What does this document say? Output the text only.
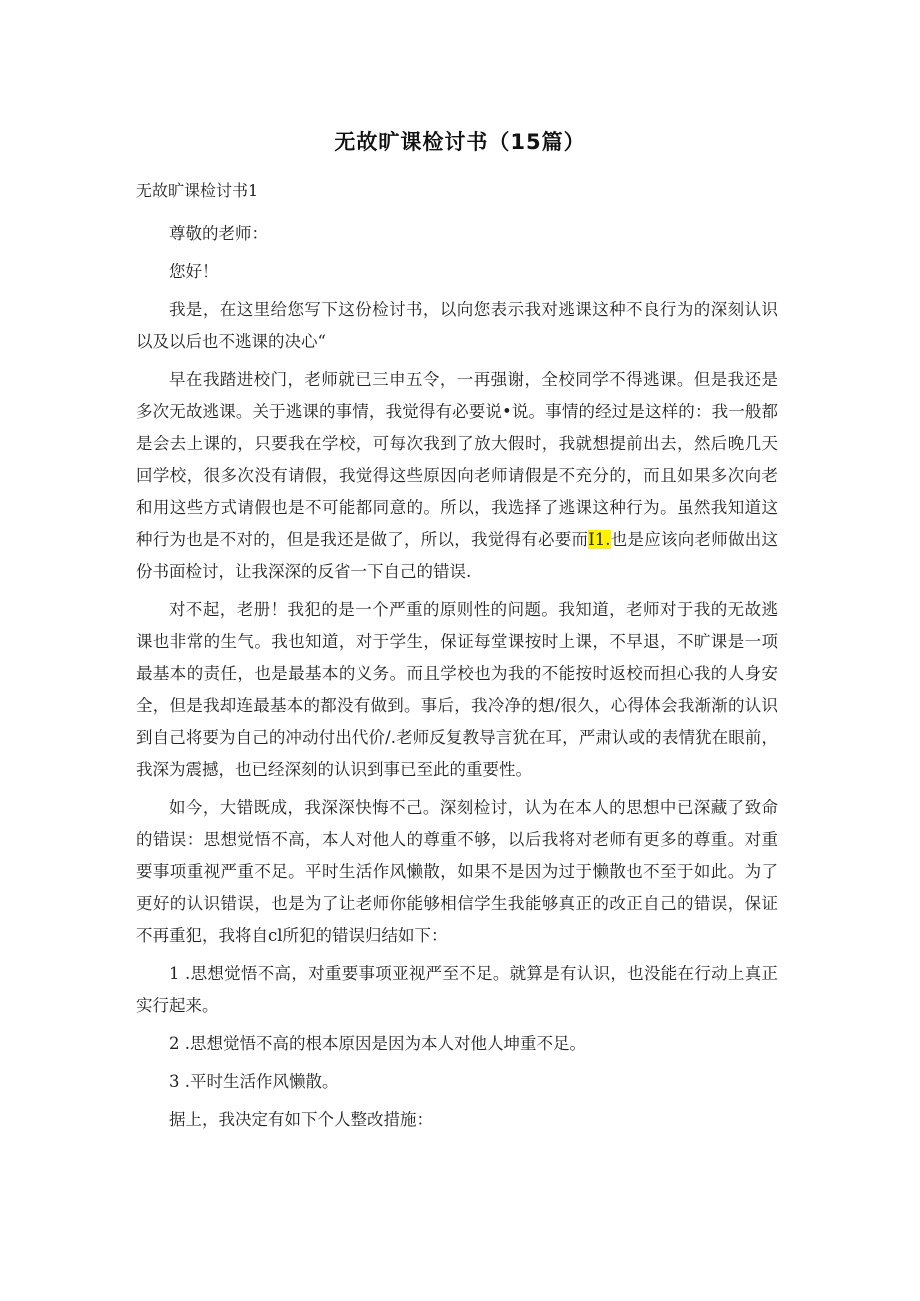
无故旷课检讨书（15篇）
无故旷课检讨书1

尊敬的老师：

您好！

我是，在这里给您写下这份检讨书，以向您表示我对逃课这种不良行为的深刻认识以及以后也不逃课的决心“

早在我踏进校门，老师就已三申五令，一再强谢，全校同学不得逃课。但是我还是多次无故逃课。关于逃课的事情，我觉得有必要说•说。事情的经过是这样的：我一般都是会去上课的，只要我在学校，可每次我到了放大假时，我就想提前出去，然后晚几天回学校，很多次没有请假，我觉得这些原因向老师请假是不充分的，而且如果多次向老和用这些方式请假也是不可能都同意的。所以，我选择了逃课这种行为。虽然我知道这种行为也是不对的，但是我还是做了，所以，我觉得有必要而I1.也是应该向老师做出这份书面检讨，让我深深的反省一下自己的错误.

对不起，老册！我犯的是一个严重的原则性的问题。我知道，老师对于我的无故逃课也非常的生气。我也知道，对于学生，保证每堂课按时上课，不早退，不旷课是一项最基本的责任，也是最基本的义务。而且学校也为我的不能按时返校而担心我的人身安全，但是我却连最基本的都没有做到。事后，我冷净的想/很久，心得体会我渐渐的认识到自己将要为自己的冲动付出代价/.老师反复教导言犹在耳，严肃认或的表情犹在眼前，我深为震撼，也已经深刻的认识到事已至此的重要性。

如今，大错既成，我深深快悔不己。深刻检讨，认为在本人的思想中已深藏了致命的错误：思想觉悟不高，本人对他人的尊重不够，以后我将对老师有更多的尊重。对重要事项重视严重不足。平时生活作风懒散，如果不是因为过于懒散也不至于如此。为了更好的认识错误，也是为了让老师你能够相信学生我能够真正的改正自己的错误，保证不再重犯，我将自cl所犯的错误归结如下：

1 .思想觉悟不高，对重要事项亚视严至不足。就算是有认识，也没能在行动上真正实行起来。

2 .思想觉悟不高的根本原因是因为本人对他人坤重不足。

3 .平时生活作风懒散。

据上，我决定有如下个人整改措施：
